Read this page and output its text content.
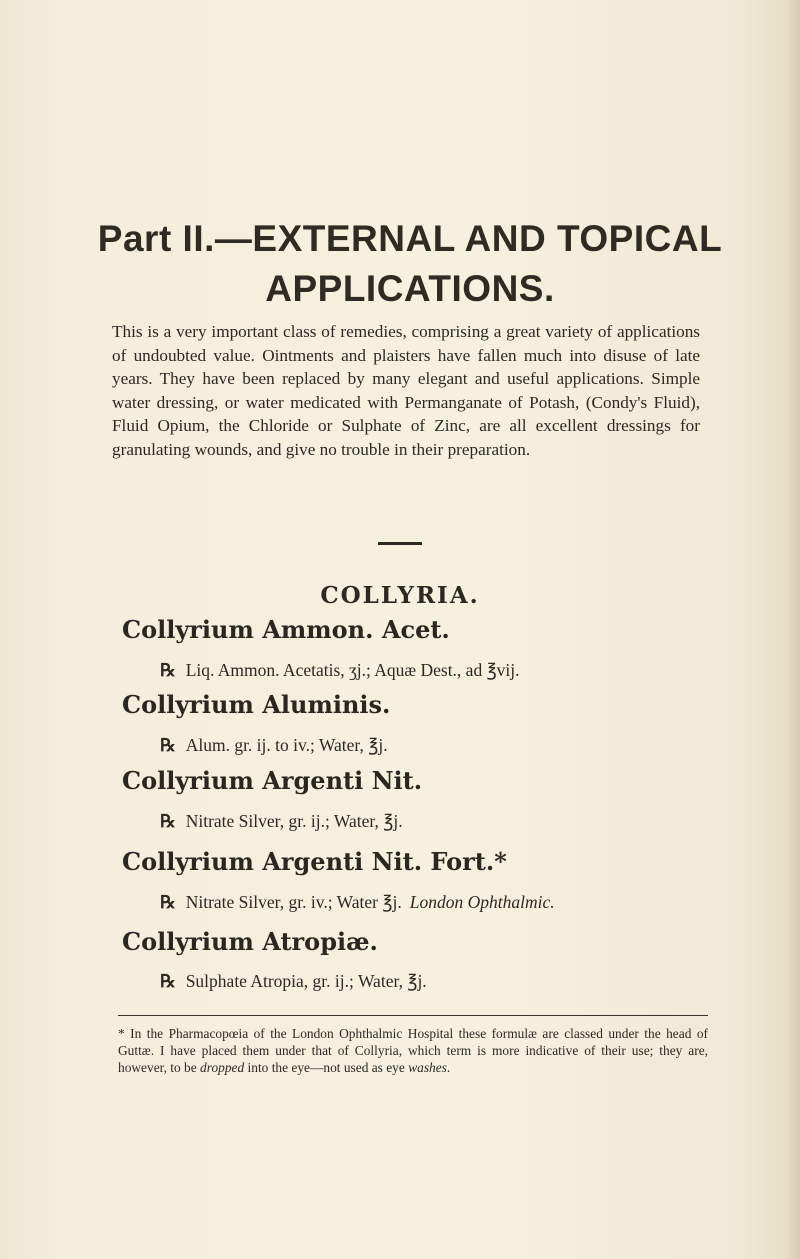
Part II.—EXTERNAL AND TOPICAL
APPLICATIONS.

This is a very important class of remedies, comprising a great variety of applications of undoubted value. Ointments and plaisters have fallen much into disuse of late years. They have been replaced by many elegant and useful applications. Simple water dressing, or water medicated with Permanganate of Potash, (Condy's Fluid), Fluid Opium, the Chloride or Sulphate of Zinc, are all excellent dressings for granulating wounds, and give no trouble in their preparation.

COLLYRIA.
Collyrium Ammon. Acet.

℞ Liq. Ammon. Acetatis, ʒj.; Aquæ Dest., ad ℥vij.

Collyrium Aluminis.

℞ Alum. gr. ij. to iv.; Water, ℥j.

Collyrium Argenti Nit.

℞ Nitrate Silver, gr. ij.; Water, ℥j.

Collyrium Argenti Nit. Fort.*

℞ Nitrate Silver, gr. iv.; Water ℥j. London Ophthalmic.

Collyrium Atropiæ.

℞ Sulphate Atropia, gr. ij.; Water, ℥j.

* In the Pharmacopœia of the London Ophthalmic Hospital these formulæ are classed under the head of Guttæ. I have placed them under that of Collyria, which term is more indicative of their use; they are, however, to be dropped into the eye—not used as eye washes.
